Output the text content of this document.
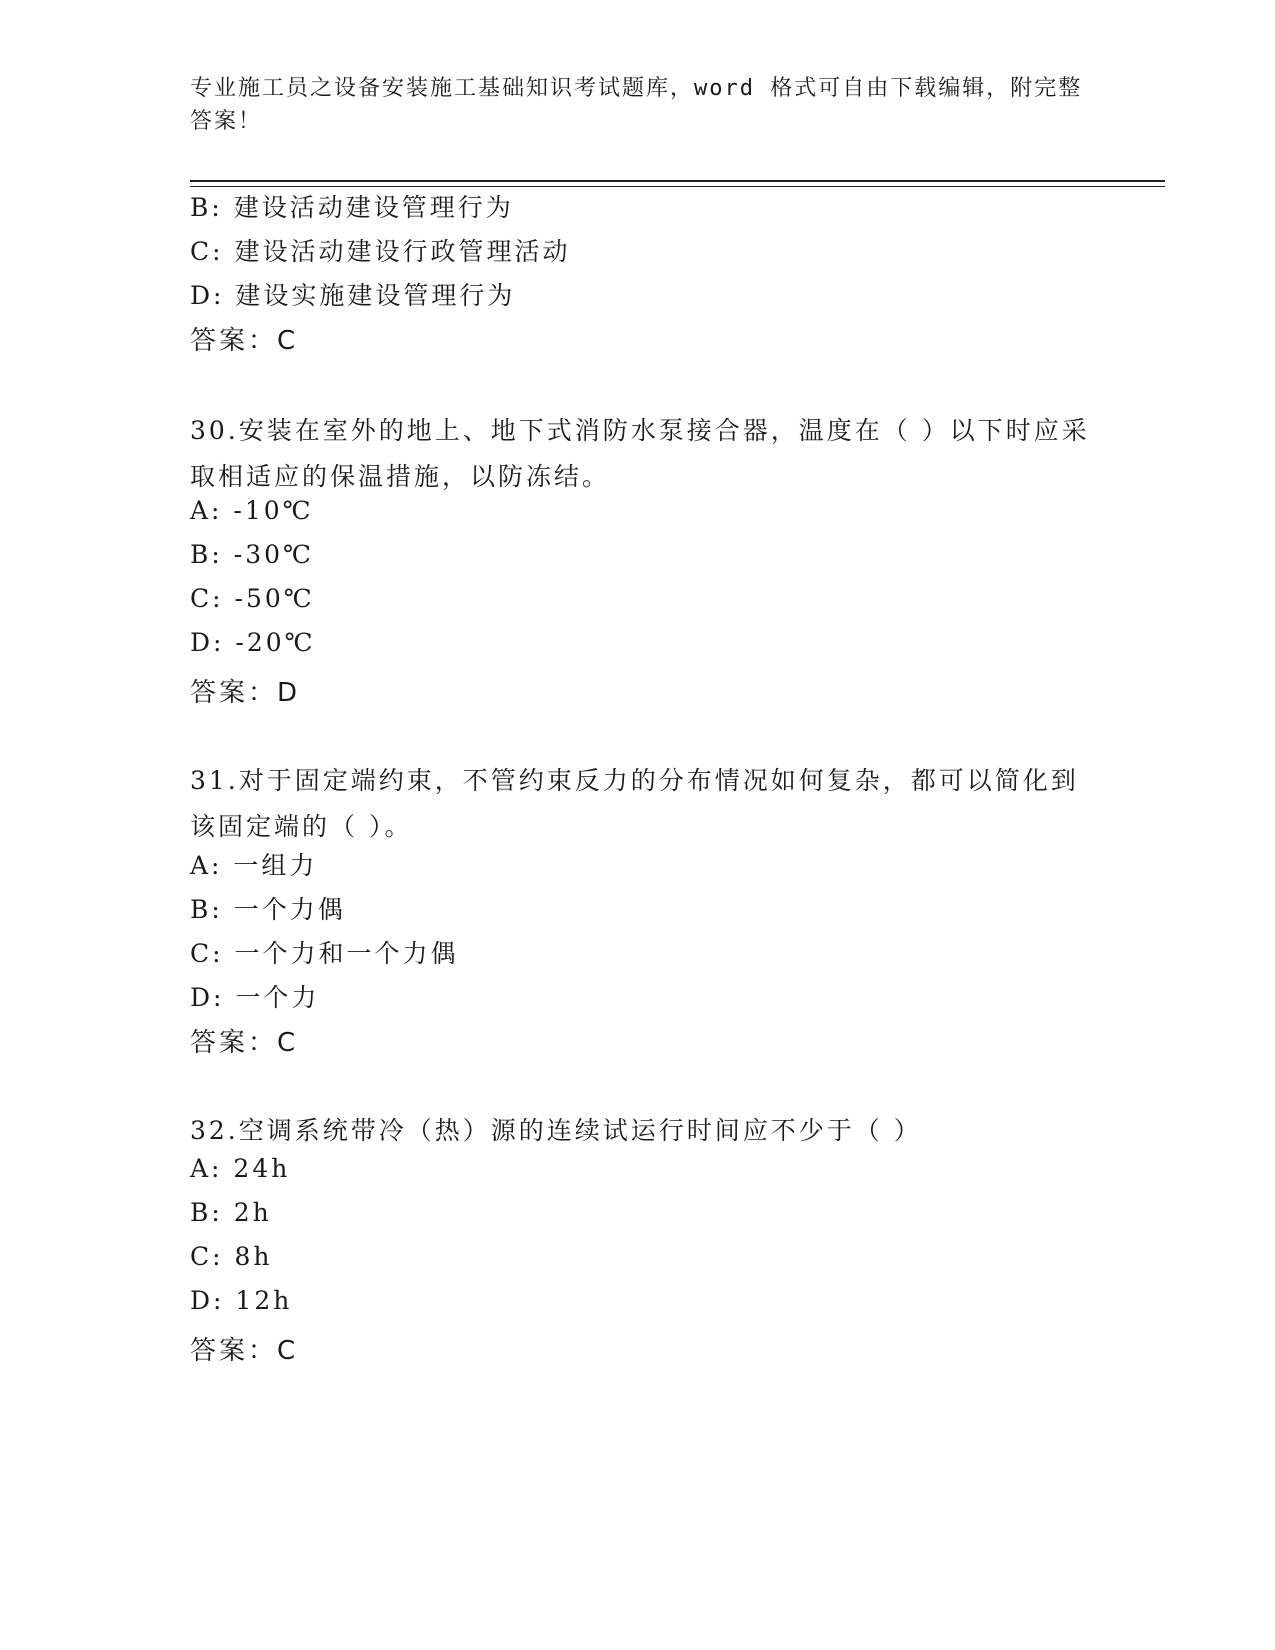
专业施工员之设备安装施工基础知识考试题库，word 格式可自由下载编辑，附完整答案！
B: 建设活动建设管理行为
C: 建设活动建设行政管理活动
D: 建设实施建设管理行为
答案：C
30.安装在室外的地上、地下式消防水泵接合器，温度在（ ）以下时应采取相适应的保温措施，以防冻结。
A: -10℃
B: -30℃
C: -50℃
D: -20℃
答案：D
31.对于固定端约束，不管约束反力的分布情况如何复杂，都可以简化到该固定端的（ ）。
A: 一组力
B: 一个力偶
C: 一个力和一个力偶
D: 一个力
答案：C
32.空调系统带冷（热）源的连续试运行时间应不少于（ ）
A: 24h
B: 2h
C: 8h
D: 12h
答案：C
